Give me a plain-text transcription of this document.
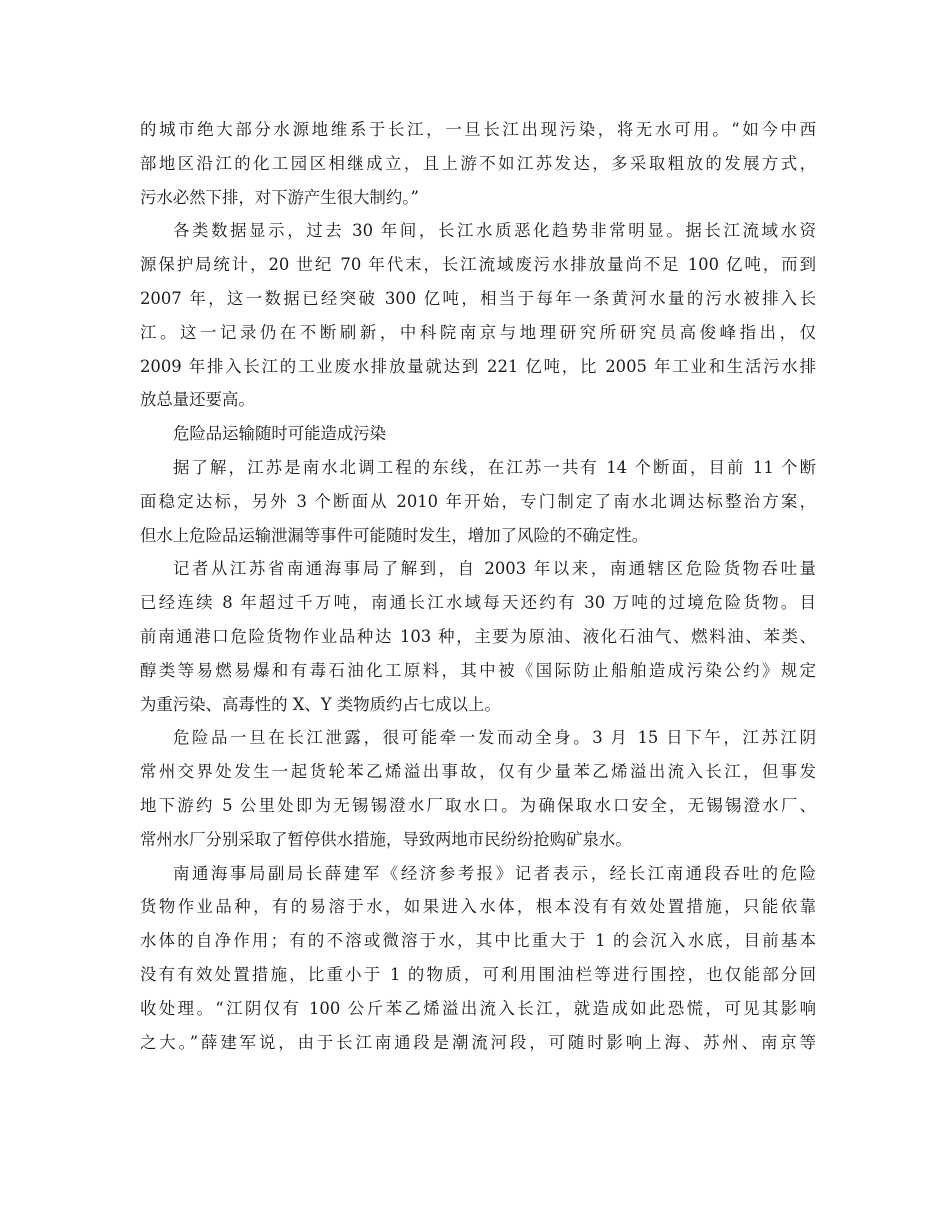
的城市绝大部分水源地维系于长江，一旦长江出现污染，将无水可用。“如今中西
部地区沿江的化工园区相继成立，且上游不如江苏发达，多采取粗放的发展方式，
污水必然下排，对下游产生很大制约。”
各类数据显示，过去 30 年间，长江水质恶化趋势非常明显。据长江流域水资
源保护局统计，20 世纪 70 年代末，长江流域废污水排放量尚不足 100 亿吨，而到
2007 年，这一数据已经突破 300 亿吨，相当于每年一条黄河水量的污水被排入长
江。这一记录仍在不断刷新，中科院南京与地理研究所研究员高俊峰指出，仅
2009 年排入长江的工业废水排放量就达到 221 亿吨，比 2005 年工业和生活污水排
放总量还要高。
危险品运输随时可能造成污染
据了解，江苏是南水北调工程的东线，在江苏一共有 14 个断面，目前 11 个断
面稳定达标，另外 3 个断面从 2010 年开始，专门制定了南水北调达标整治方案，
但水上危险品运输泄漏等事件可能随时发生，增加了风险的不确定性。
记者从江苏省南通海事局了解到，自 2003 年以来，南通辖区危险货物吞吐量
已经连续 8 年超过千万吨，南通长江水域每天还约有 30 万吨的过境危险货物。目
前南通港口危险货物作业品种达 103 种，主要为原油、液化石油气、燃料油、苯类、
醇类等易燃易爆和有毒石油化工原料，其中被《国际防止船舶造成污染公约》规定
为重污染、高毒性的 X、Y 类物质约占七成以上。
危险品一旦在长江泄露，很可能牵一发而动全身。3 月 15 日下午，江苏江阴
常州交界处发生一起货轮苯乙烯溢出事故，仅有少量苯乙烯溢出流入长江，但事发
地下游约 5 公里处即为无锡锡澄水厂取水口。为确保取水口安全，无锡锡澄水厂、
常州水厂分别采取了暂停供水措施，导致两地市民纷纷抢购矿泉水。
南通海事局副局长薛建军《经济参考报》记者表示，经长江南通段吞吐的危险
货物作业品种，有的易溶于水，如果进入水体，根本没有有效处置措施，只能依靠
水体的自净作用；有的不溶或微溶于水，其中比重大于 1 的会沉入水底，目前基本
没有有效处置措施，比重小于 1 的物质，可利用围油栏等进行围控，也仅能部分回
收处理。“江阴仅有 100 公斤苯乙烯溢出流入长江，就造成如此恐慌，可见其影响
之大。”薛建军说，由于长江南通段是潮流河段，可随时影响上海、苏州、南京等
